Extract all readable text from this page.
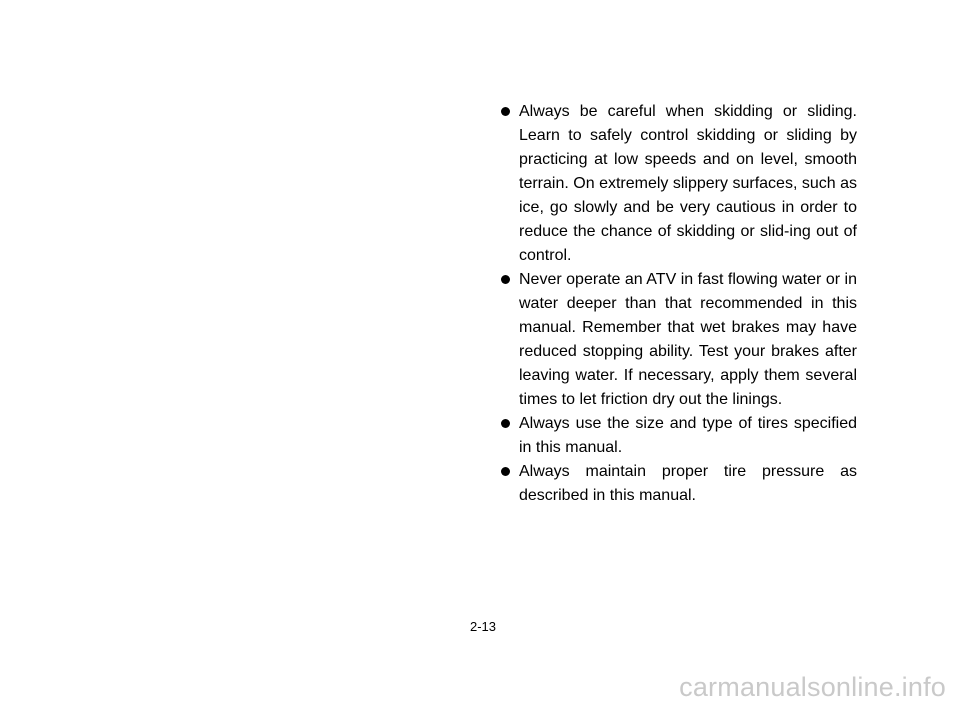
Always be careful when skidding or sliding. Learn to safely control skidding or sliding by practicing at low speeds and on level, smooth terrain. On extremely slippery surfaces, such as ice, go slowly and be very cautious in order to reduce the chance of skidding or slid-ing out of control.
Never operate an ATV in fast flowing water or in water deeper than that recommended in this manual. Remember that wet brakes may have reduced stopping ability. Test your brakes after leaving water. If necessary, apply them several times to let friction dry out the linings.
Always use the size and type of tires specified in this manual.
Always maintain proper tire pressure as described in this manual.
2-13
carmanualsonline.info
